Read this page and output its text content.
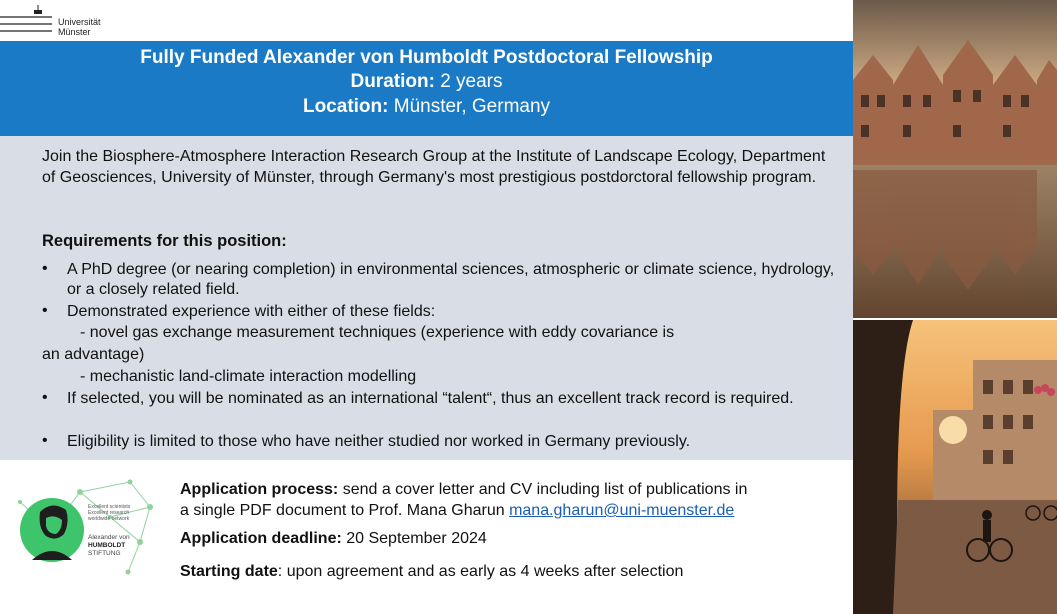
Universität
Münster
Fully Funded Alexander von Humboldt Postdoctoral Fellowship
Duration: 2 years
Location: Münster, Germany
Join the Biosphere-Atmosphere Interaction Research Group at the Institute of Landscape Ecology, Department of Geosciences, University of Münster, through Germany's most prestigious postdorctoral fellowship program.
Requirements for this position:
• A PhD degree (or nearing completion) in environmental sciences, atmospheric or climate science, hydrology, or a closely related field.
• Demonstrated experience with either of these fields:
- novel gas exchange measurement techniques (experience with eddy covariance is
an advantage)
- mechanistic land-climate interaction modelling
• If selected, you will be nominated as an international “talent“, thus an excellent track record is required.
• Eligibility is limited to those who have neither studied nor worked in Germany previously.
Excellent scientists
Excellent research
worldwide network
Alexander von
HUMBOLDT
STIFTUNG
Application process: send a cover letter and CV including list of publications in
a single PDF document to Prof. Mana Gharun mana.gharun@uni-muenster.de
Application deadline: 20 September 2024
Starting date: upon agreement and as early as 4 weeks after selection
